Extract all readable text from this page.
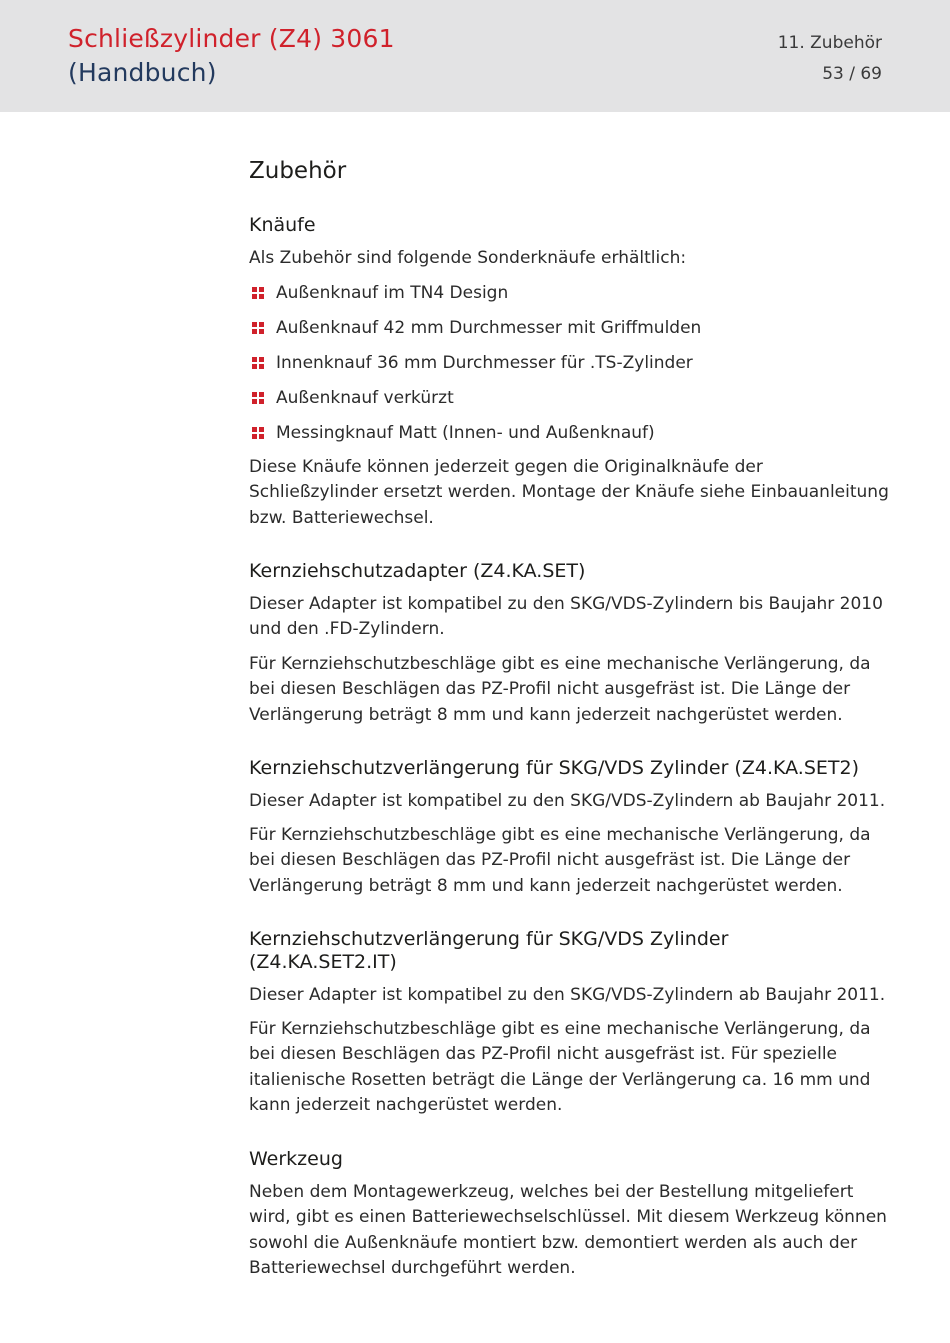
Schließzylinder (Z4) 3061
(Handbuch)
11. Zubehör
53 / 69
Zubehör
Knäufe
Als Zubehör sind folgende Sonderknäufe erhältlich:
Außenknauf im TN4 Design
Außenknauf 42 mm Durchmesser mit Griffmulden
Innenknauf 36 mm Durchmesser für .TS-Zylinder
Außenknauf verkürzt
Messingknauf Matt (Innen- und Außenknauf)
Diese Knäufe können jederzeit gegen die Originalknäufe der Schließzylinder ersetzt werden. Montage der Knäufe siehe Einbauanleitung bzw. Batteriewechsel.
Kernziehschutzadapter (Z4.KA.SET)
Dieser Adapter ist kompatibel zu den SKG/VDS-Zylindern bis Baujahr 2010 und den .FD-Zylindern.
Für Kernziehschutzbeschläge gibt es eine mechanische Verlängerung, da bei diesen Beschlägen das PZ-Profil nicht ausgefräst ist. Die Länge der Verlängerung beträgt 8 mm und kann jederzeit nachgerüstet werden.
Kernziehschutzverlängerung für SKG/VDS Zylinder (Z4.KA.SET2)
Dieser Adapter ist kompatibel zu den SKG/VDS-Zylindern ab Baujahr 2011.
Für Kernziehschutzbeschläge gibt es eine mechanische Verlängerung, da bei diesen Beschlägen das PZ-Profil nicht ausgefräst ist. Die Länge der Verlängerung beträgt 8 mm und kann jederzeit nachgerüstet werden.
Kernziehschutzverlängerung für SKG/VDS Zylinder (Z4.KA.SET2.IT)
Dieser Adapter ist kompatibel zu den SKG/VDS-Zylindern ab Baujahr 2011.
Für Kernziehschutzbeschläge gibt es eine mechanische Verlängerung, da bei diesen Beschlägen das PZ-Profil nicht ausgefräst ist. Für spezielle italienische Rosetten beträgt die Länge der Verlängerung ca. 16 mm und kann jederzeit nachgerüstet werden.
Werkzeug
Neben dem Montagewerkzeug, welches bei der Bestellung mitgeliefert wird, gibt es einen Batteriewechselschlüssel. Mit diesem Werkzeug können sowohl die Außenknäufe montiert bzw. demontiert werden als auch der Batteriewechsel durchgeführt werden.
